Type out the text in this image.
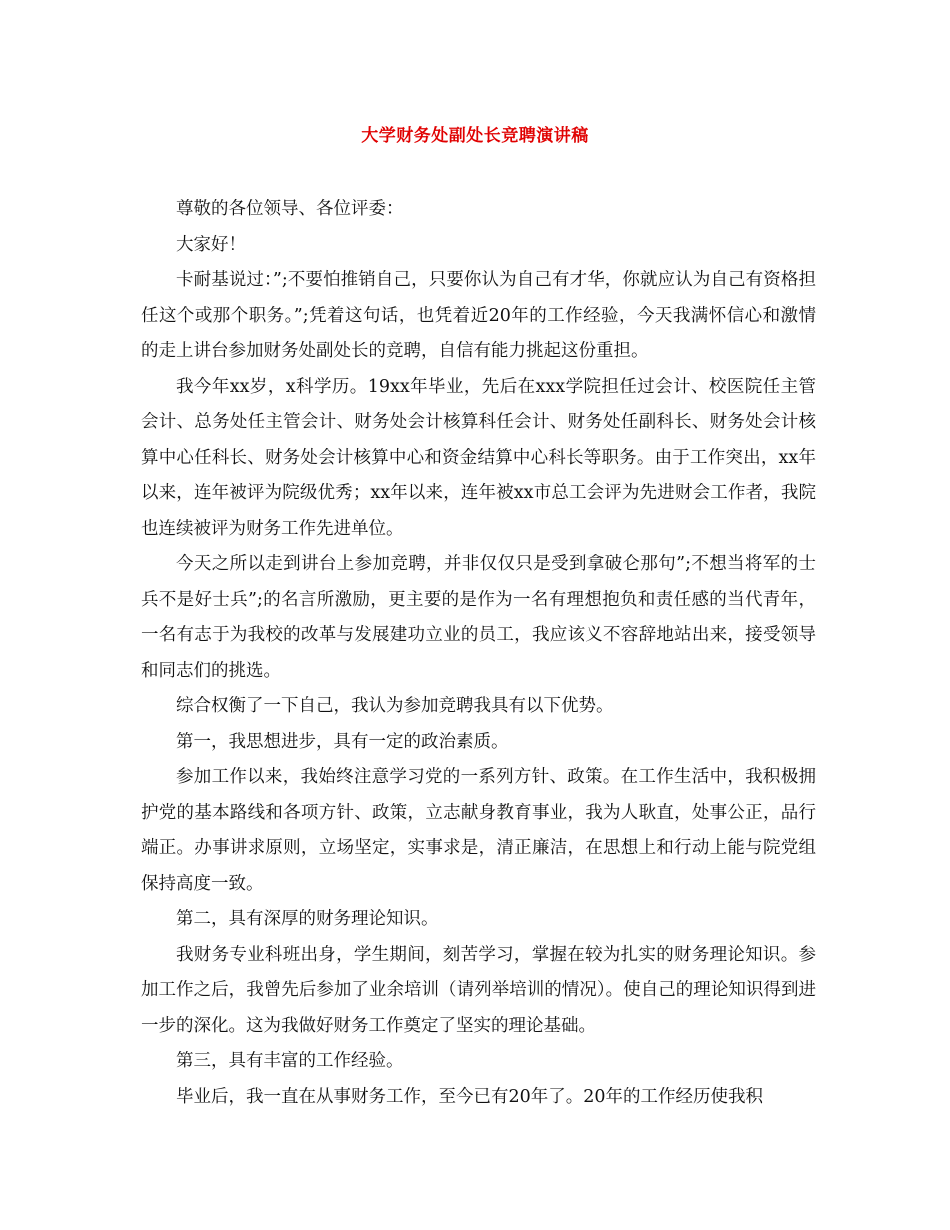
大学财务处副处长竞聘演讲稿

尊敬的各位领导、各位评委：

大家好！

卡耐基说过：”;不要怕推销自己，只要你认为自己有才华，你就应认为自己有资格担任这个或那个职务。”;凭着这句话，也凭着近20年的工作经验，今天我满怀信心和激情的走上讲台参加财务处副处长的竞聘，自信有能力挑起这份重担。

我今年xx岁，x科学历。19xx年毕业，先后在xxx学院担任过会计、校医院任主管会计、总务处任主管会计、财务处会计核算科任会计、财务处任副科长、财务处会计核算中心任科长、财务处会计核算中心和资金结算中心科长等职务。由于工作突出，xx年以来，连年被评为院级优秀；xx年以来，连年被xx市总工会评为先进财会工作者，我院也连续被评为财务工作先进单位。

今天之所以走到讲台上参加竞聘，并非仅仅只是受到拿破仑那句”;不想当将军的士兵不是好士兵”;的名言所激励，更主要的是作为一名有理想抱负和责任感的当代青年，一名有志于为我校的改革与发展建功立业的员工，我应该义不容辞地站出来，接受领导和同志们的挑选。

综合权衡了一下自己，我认为参加竞聘我具有以下优势。

第一，我思想进步，具有一定的政治素质。

参加工作以来，我始终注意学习党的一系列方针、政策。在工作生活中，我积极拥护党的基本路线和各项方针、政策，立志献身教育事业，我为人耿直，处事公正，品行端正。办事讲求原则，立场坚定，实事求是，清正廉洁，在思想上和行动上能与院党组保持高度一致。

第二，具有深厚的财务理论知识。

我财务专业科班出身，学生期间，刻苦学习，掌握在较为扎实的财务理论知识。参加工作之后，我曾先后参加了业余培训（请列举培训的情况）。使自己的理论知识得到进一步的深化。这为我做好财务工作奠定了坚实的理论基础。

第三，具有丰富的工作经验。

毕业后，我一直在从事财务工作，至今已有20年了。20年的工作经历使我积
